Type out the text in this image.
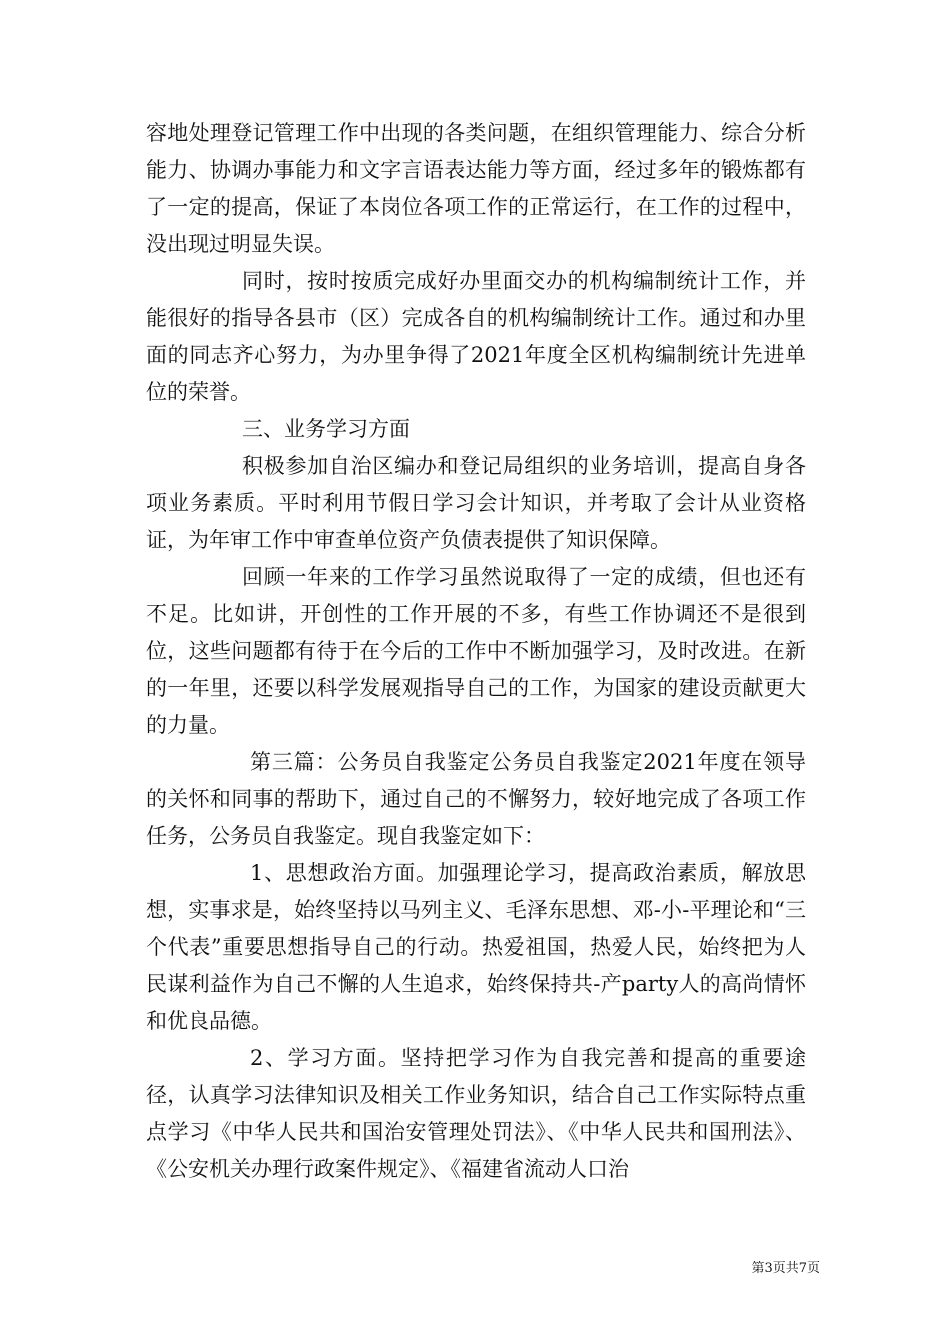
容地处理登记管理工作中出现的各类问题，在组织管理能力、综合分析能力、协调办事能力和文字言语表达能力等方面，经过多年的锻炼都有了一定的提高，保证了本岗位各项工作的正常运行，在工作的过程中，没出现过明显失误。

同时，按时按质完成好办里面交办的机构编制统计工作，并能很好的指导各县市（区）完成各自的机构编制统计工作。通过和办里面的同志齐心努力，为办里争得了2021年度全区机构编制统计先进单位的荣誉。

三、业务学习方面

积极参加自治区编办和登记局组织的业务培训，提高自身各项业务素质。平时利用节假日学习会计知识，并考取了会计从业资格证，为年审工作中审查单位资产负债表提供了知识保障。

回顾一年来的工作学习虽然说取得了一定的成绩，但也还有不足。比如讲，开创性的工作开展的不多，有些工作协调还不是很到位，这些问题都有待于在今后的工作中不断加强学习，及时改进。在新的一年里，还要以科学发展观指导自己的工作，为国家的建设贡献更大的力量。

第三篇：公务员自我鉴定公务员自我鉴定2021年度在领导的关怀和同事的帮助下，通过自己的不懈努力，较好地完成了各项工作任务，公务员自我鉴定。现自我鉴定如下：

1、思想政治方面。加强理论学习，提高政治素质，解放思想，实事求是，始终坚持以马列主义、毛泽东思想、邓-小-平理论和“三个代表”重要思想指导自己的行动。热爱祖国，热爱人民，始终把为人民谋利益作为自己不懈的人生追求，始终保持共-产party人的高尚情怀和优良品德。

2、学习方面。坚持把学习作为自我完善和提高的重要途径，认真学习法律知识及相关工作业务知识，结合自己工作实际特点重点学习《中华人民共和国治安管理处罚法》、《中华人民共和国刑法》、《公安机关办理行政案件规定》、《福建省流动人口治

第3页共7页
